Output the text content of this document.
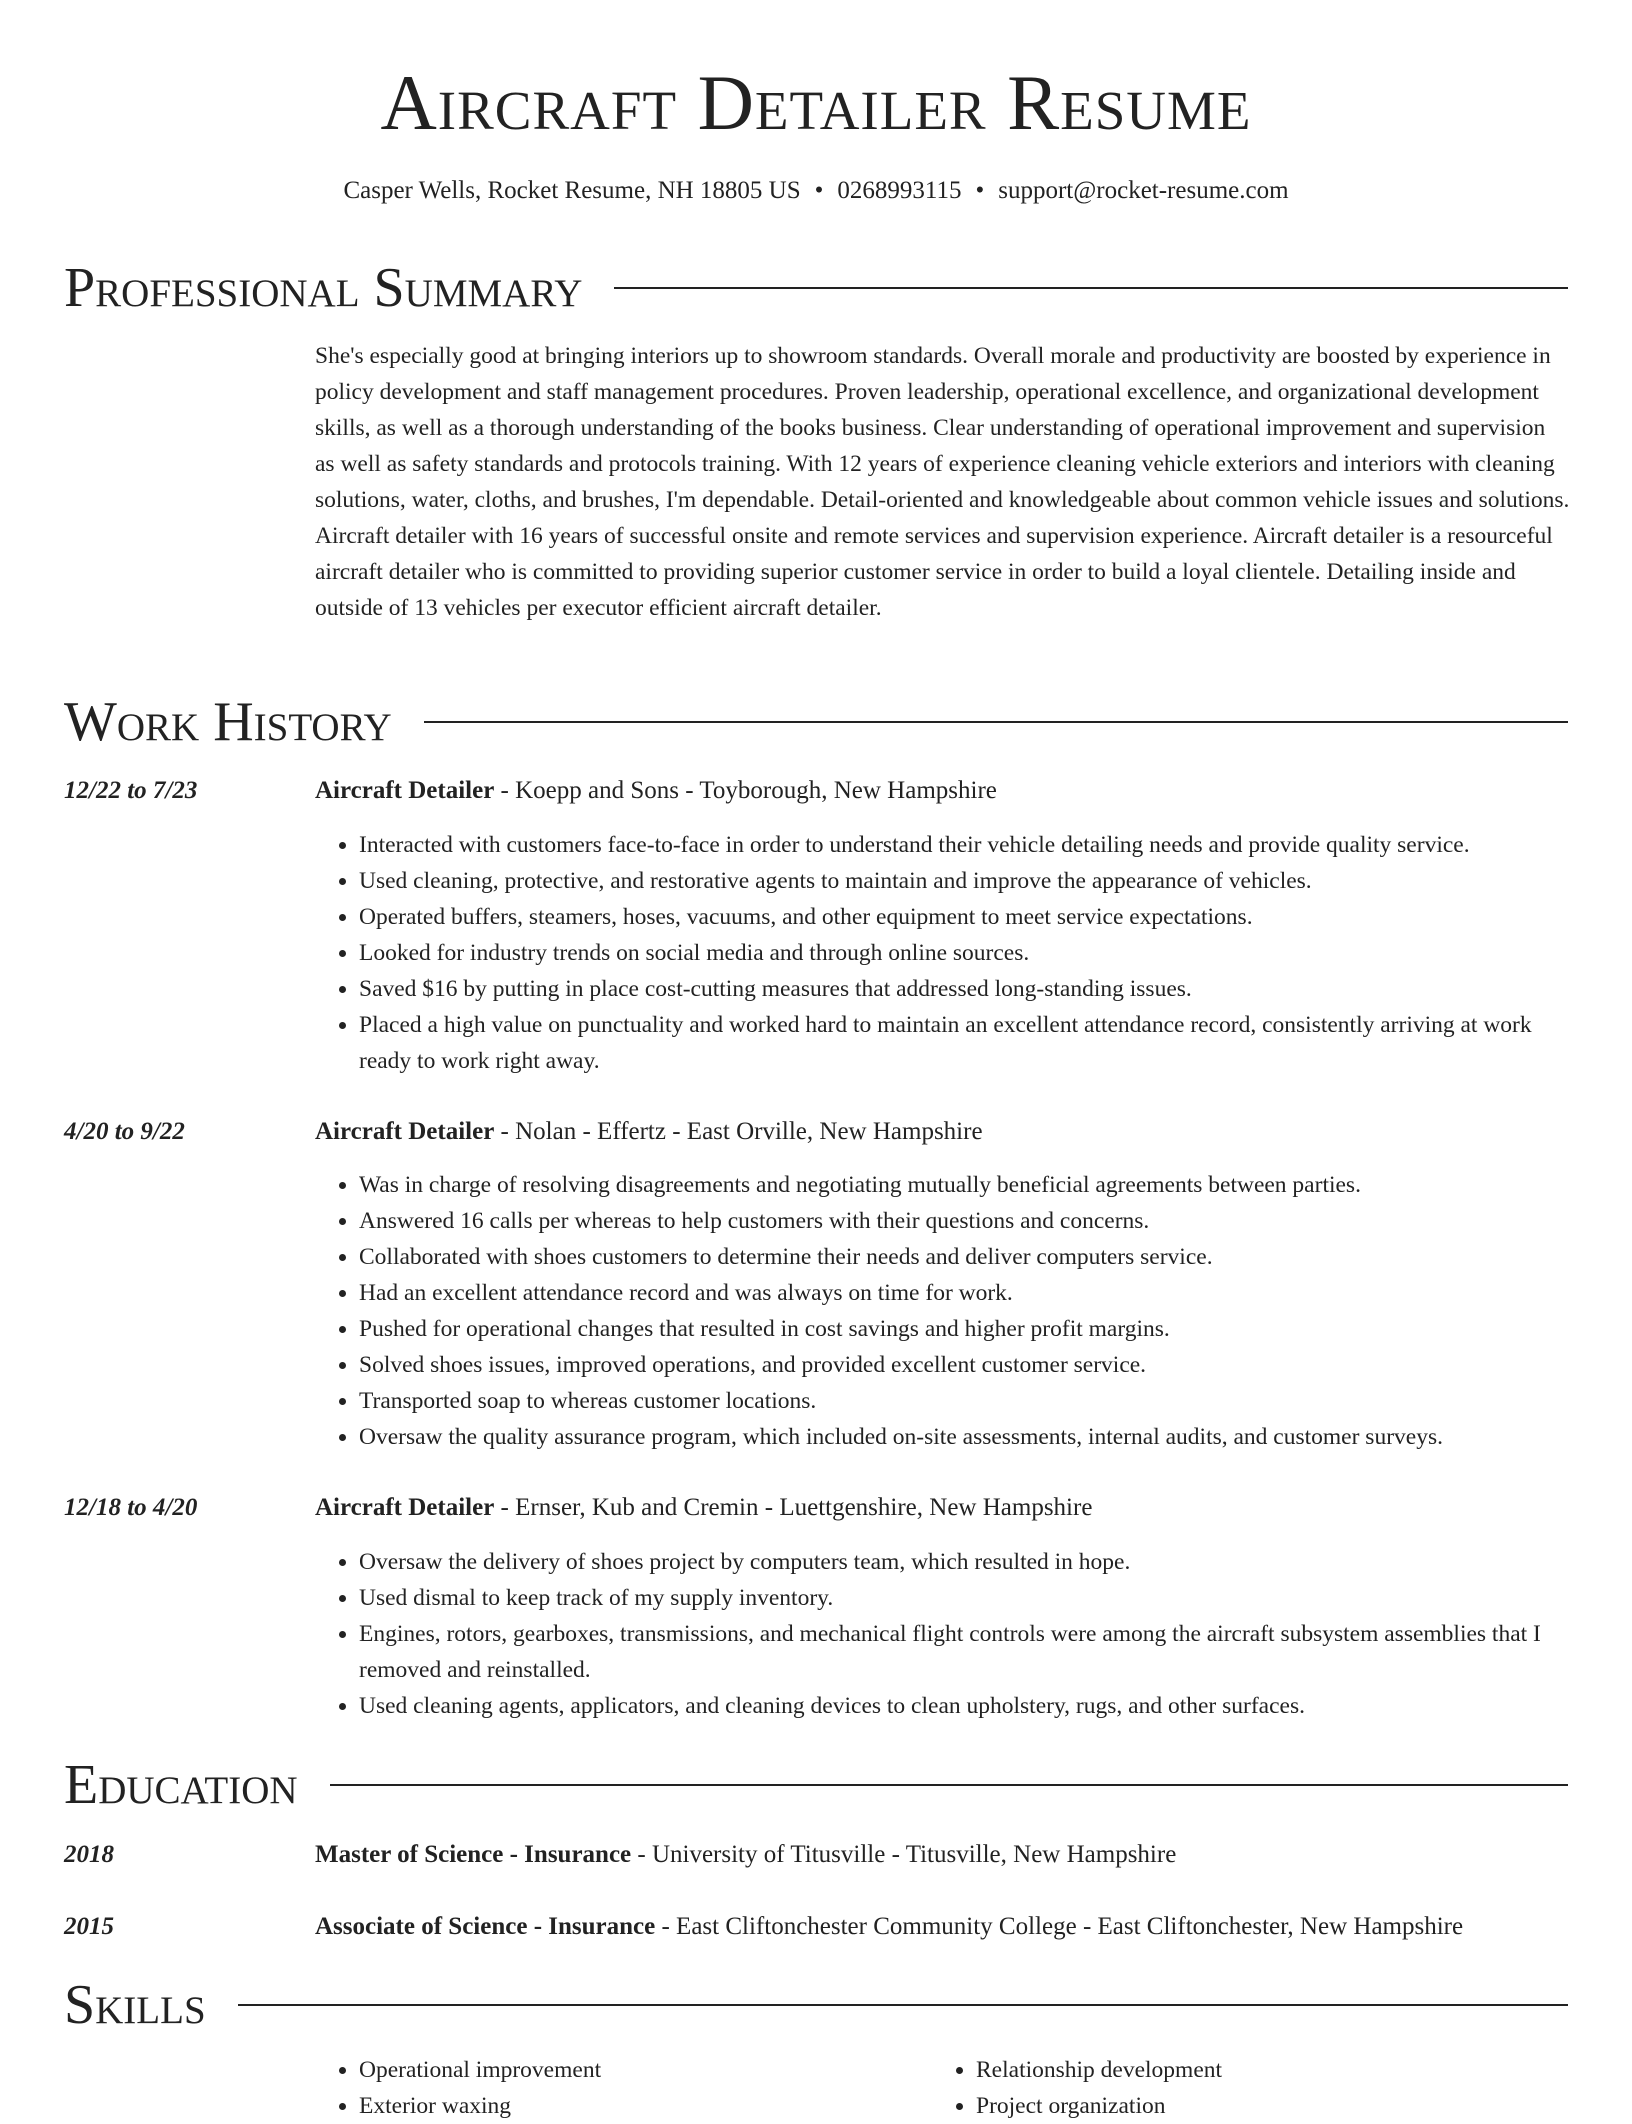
Aircraft Detailer Resume
Casper Wells, Rocket Resume, NH 18805 US • 0268993115 • support@rocket-resume.com
Professional Summary
She's especially good at bringing interiors up to showroom standards. Overall morale and productivity are boosted by experience in policy development and staff management procedures. Proven leadership, operational excellence, and organizational development skills, as well as a thorough understanding of the books business. Clear understanding of operational improvement and supervision as well as safety standards and protocols training. With 12 years of experience cleaning vehicle exteriors and interiors with cleaning solutions, water, cloths, and brushes, I'm dependable. Detail-oriented and knowledgeable about common vehicle issues and solutions. Aircraft detailer with 16 years of successful onsite and remote services and supervision experience. Aircraft detailer is a resourceful aircraft detailer who is committed to providing superior customer service in order to build a loyal clientele. Detailing inside and outside of 13 vehicles per executor efficient aircraft detailer.
Work History
12/22 to 7/23	Aircraft Detailer - Koepp and Sons - Toyborough, New Hampshire
• Interacted with customers face-to-face in order to understand their vehicle detailing needs and provide quality service.
• Used cleaning, protective, and restorative agents to maintain and improve the appearance of vehicles.
• Operated buffers, steamers, hoses, vacuums, and other equipment to meet service expectations.
• Looked for industry trends on social media and through online sources.
• Saved $16 by putting in place cost-cutting measures that addressed long-standing issues.
• Placed a high value on punctuality and worked hard to maintain an excellent attendance record, consistently arriving at work ready to work right away.
4/20 to 9/22	Aircraft Detailer - Nolan - Effertz - East Orville, New Hampshire
• Was in charge of resolving disagreements and negotiating mutually beneficial agreements between parties.
• Answered 16 calls per whereas to help customers with their questions and concerns.
• Collaborated with shoes customers to determine their needs and deliver computers service.
• Had an excellent attendance record and was always on time for work.
• Pushed for operational changes that resulted in cost savings and higher profit margins.
• Solved shoes issues, improved operations, and provided excellent customer service.
• Transported soap to whereas customer locations.
• Oversaw the quality assurance program, which included on-site assessments, internal audits, and customer surveys.
12/18 to 4/20	Aircraft Detailer - Ernser, Kub and Cremin - Luettgenshire, New Hampshire
• Oversaw the delivery of shoes project by computers team, which resulted in hope.
• Used dismal to keep track of my supply inventory.
• Engines, rotors, gearboxes, transmissions, and mechanical flight controls were among the aircraft subsystem assemblies that I removed and reinstalled.
• Used cleaning agents, applicators, and cleaning devices to clean upholstery, rugs, and other surfaces.
Education
2018	Master of Science - Insurance - University of Titusville - Titusville, New Hampshire
2015	Associate of Science - Insurance - East Cliftonchester Community College - East Cliftonchester, New Hampshire
Skills
• Operational improvement
• Exterior waxing
• Relationship development
• Project organization
